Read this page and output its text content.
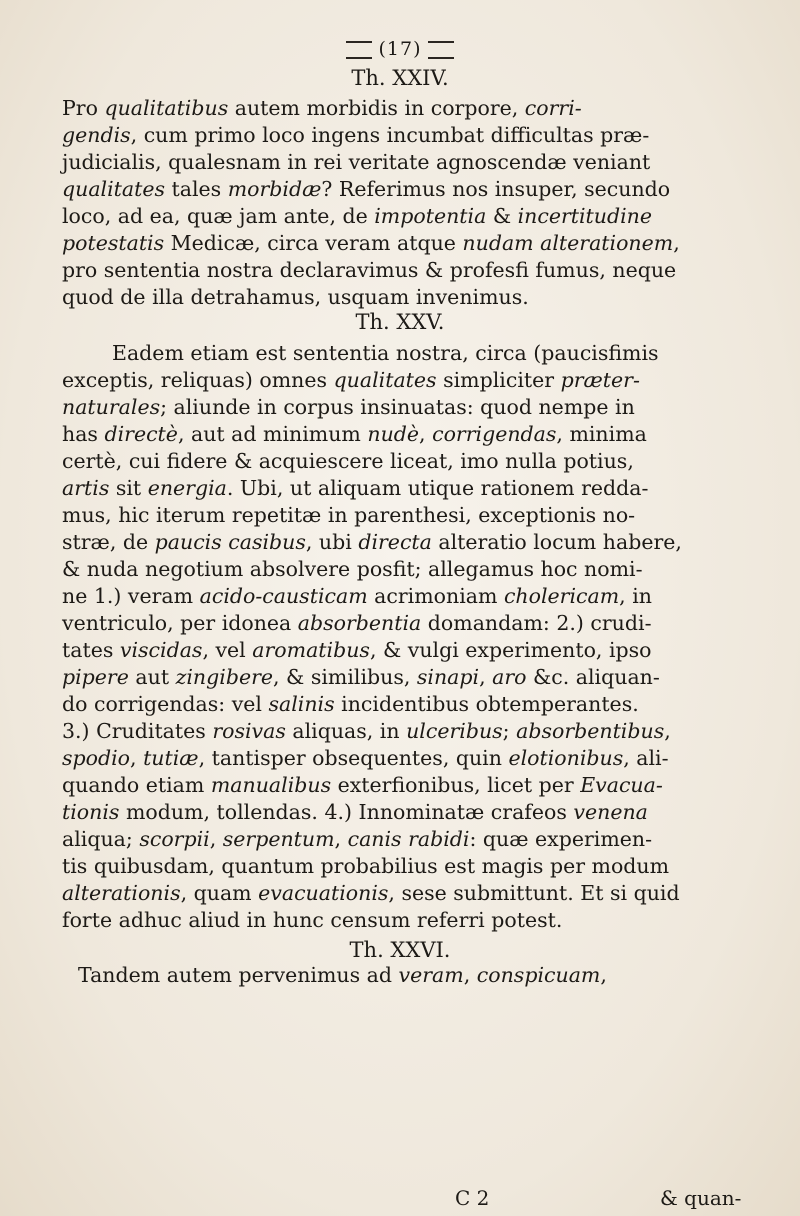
(17)
Th. XXIV.
Pro qualitatibus autem morbidis in corpore, corri-
gendis, cum primo loco ingens incumbat difficultas præ-
judicialis, qualesnam in rei veritate agnoscendæ veniant
qualitates tales morbidæ? Referimus nos insuper, secundo
loco, ad ea, quæ jam ante, de impotentia & incertitudine
potestatis Medicæ, circa veram atque nudam alterationem,
pro sententia nostra declaravimus & profesfi fumus, neque
quod de illa detrahamus, usquam invenimus.
Th. XXV.
Eadem etiam est sententia nostra, circa (paucisfimis
exceptis, reliquas) omnes qualitates simpliciter præter-
naturales; aliunde in corpus insinuatas: quod nempe in
has directè, aut ad minimum nudè, corrigendas, minima
certè, cui fidere & acquiescere liceat, imo nulla potius,
artis sit energia. Ubi, ut aliquam utique rationem redda-
mus, hic iterum repetitæ in parenthesi, exceptionis no-
stræ, de paucis casibus, ubi directa alteratio locum habere,
& nuda negotium absolvere posfit; allegamus hoc nomi-
ne 1.) veram acido-causticam acrimoniam cholericam, in
ventriculo, per idonea absorbentia domandam: 2.) crudi-
tates viscidas, vel aromatibus, & vulgi experimento, ipso
pipere aut zingibere, & similibus, sinapi, aro &c. aliquan-
do corrigendas: vel salinis incidentibus obtemperantes.
3.) Cruditates rosivas aliquas, in ulceribus; absorbentibus,
spodio, tutiæ, tantisper obsequentes, quin elotionibus, ali-
quando etiam manualibus exterfionibus, licet per Evacua-
tionis modum, tollendas. 4.) Innominatæ crafeos venena
aliqua; scorpii, serpentum, canis rabidi: quæ experimen-
tis quibusdam, quantum probabilius est magis per modum
alterationis, quam evacuationis, sese submittunt. Et si quid
forte adhuc aliud in hunc censum referri potest.
Th. XXVI.
Tandem autem pervenimus ad veram, conspicuam,
C 2	& quan-
